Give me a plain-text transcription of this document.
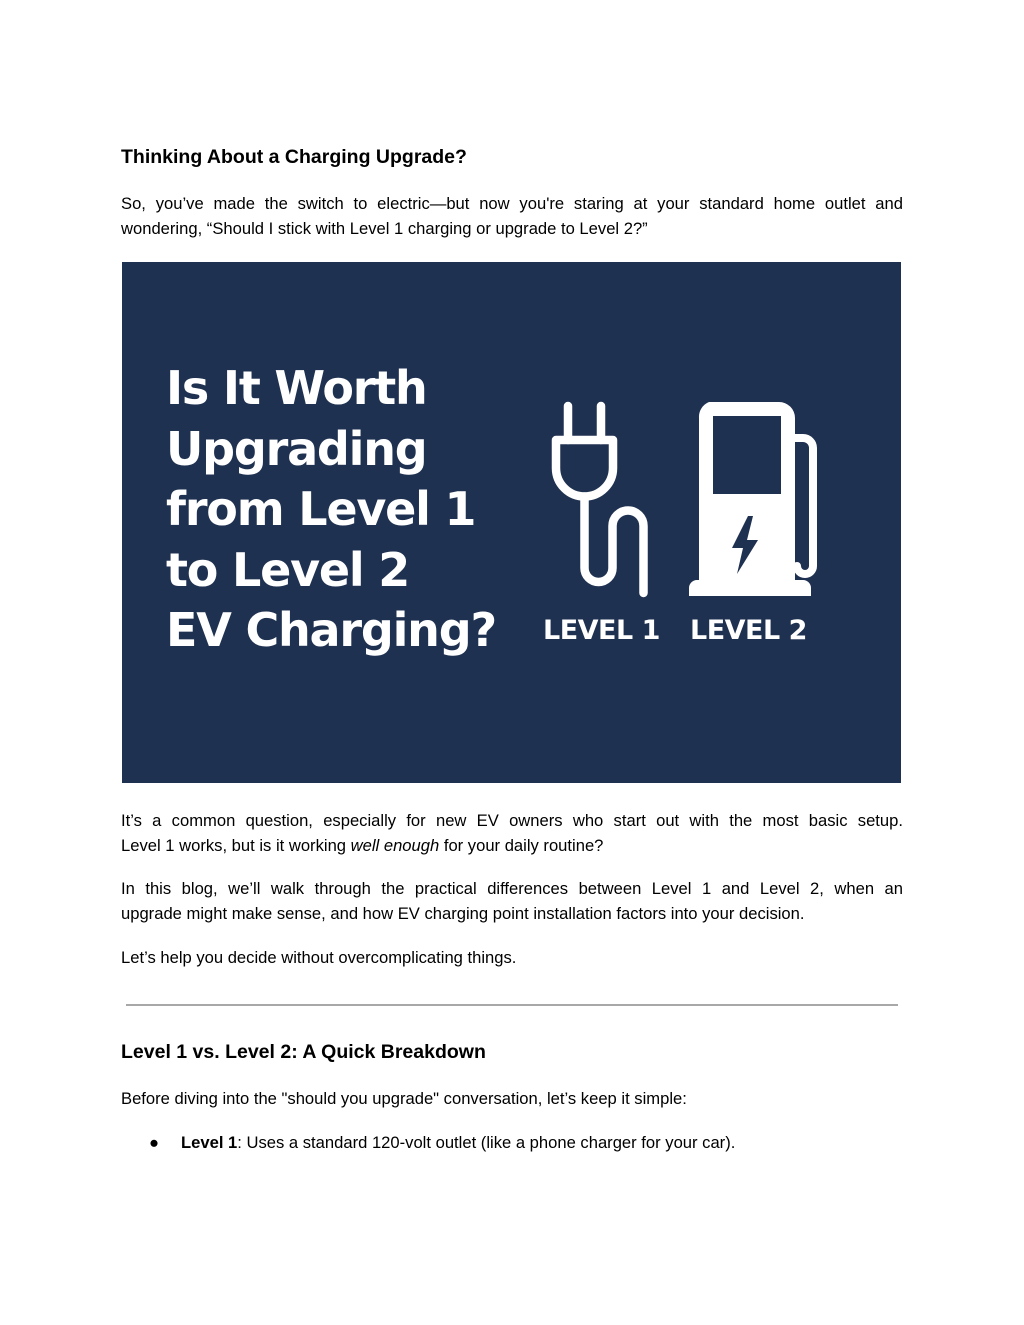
Thinking About a Charging Upgrade?

So, you’ve made the switch to electric—but now you're staring at your standard home outlet and
wondering, “Should I stick with Level 1 charging or upgrade to Level 2?”

Is It Worth
Upgrading
from Level 1
to Level 2
EV Charging? LEVEL 1 LEVEL 2

It’s a common question, especially for new EV owners who start out with the most basic setup.
Level 1 works, but is it working well enough for your daily routine?

In this blog, we’ll walk through the practical differences between Level 1 and Level 2, when an
upgrade might make sense, and how EV charging point installation factors into your decision.

Let’s help you decide without overcomplicating things.

Level 1 vs. Level 2: A Quick Breakdown

Before diving into the "should you upgrade" conversation, let’s keep it simple:

● Level 1: Uses a standard 120-volt outlet (like a phone charger for your car).
